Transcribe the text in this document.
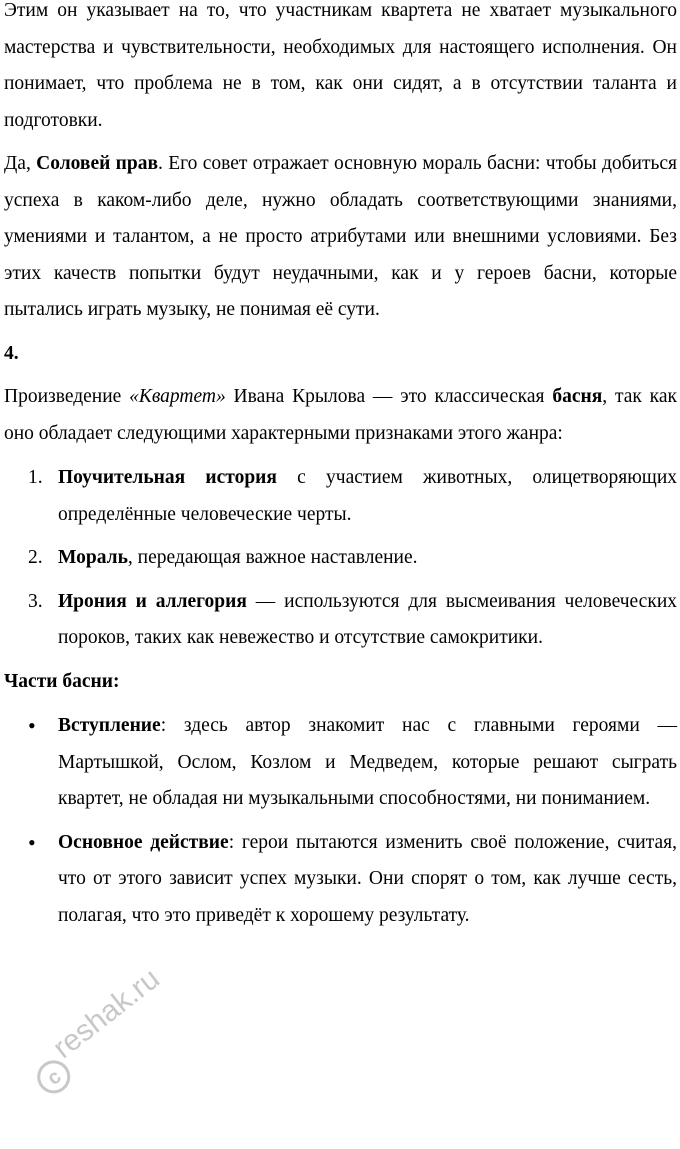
Этим он указывает на то, что участникам квартета не хватает музыкального мастерства и чувствительности, необходимых для настоящего исполнения. Он понимает, что проблема не в том, как они сидят, а в отсутствии таланта и подготовки.

Да, Соловей прав. Его совет отражает основную мораль басни: чтобы добиться успеха в каком-либо деле, нужно обладать соответствующими знаниями, умениями и талантом, а не просто атрибутами или внешними условиями. Без этих качеств попытки будут неудачными, как и у героев басни, которые пытались играть музыку, не понимая её сути.

4.

Произведение «Квартет» Ивана Крылова — это классическая басня, так как оно обладает следующими характерными признаками этого жанра:

1. Поучительная история с участием животных, олицетворяющих определённые человеческие черты.
2. Мораль, передающая важное наставление.
3. Ирония и аллегория — используются для высмеивания человеческих пороков, таких как невежество и отсутствие самокритики.

Части басни:

• Вступление: здесь автор знакомит нас с главными героями — Мартышкой, Ослом, Козлом и Медведем, которые решают сыграть квартет, не обладая ни музыкальными способностями, ни пониманием.
• Основное действие: герои пытаются изменить своё положение, считая, что от этого зависит успех музыки. Они спорят о том, как лучше сесть, полагая, что это приведёт к хорошему результату.
c
reshak.ru
